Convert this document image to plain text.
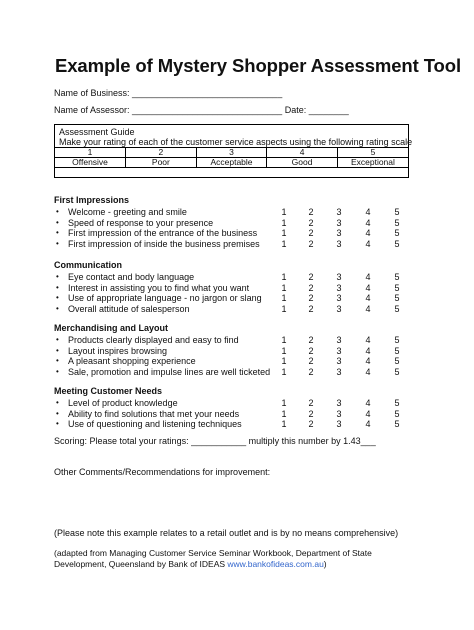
Example of Mystery Shopper Assessment Tool
Name of Business: ______________________________
Name of Assessor: ______________________________ Date: ________
Assessment Guide
Make your rating of each of the customer service aspects using the following rating scale
1	2	3	4	5
Offensive	Poor	Acceptable	Good	Exceptional
First Impressions
• Welcome - greeting and smile	1 2	3	4	5
• Speed of response to your presence	1 2	3	4	5
• First impression of the entrance of the business	1 2	3	4	5
• First impression of inside the business premises 1 2	3	4	5
Communication
• Eye contact and body language	1 2	3	4	5
• Interest in assisting you to find what you want	1 2	3	4	5
• Use of appropriate language - no jargon or slang 1 2	3	4	5
• Overall attitude of salesperson	1 2	3	4	5
Merchandising and Layout
• Products clearly displayed and easy to find	1 2	3	4	5
• Layout inspires browsing	1 2	3	4	5
• A pleasant shopping experience	1 2	3	4	5
• Sale, promotion and impulse lines are well ticketed 1 2	3	4	5
Meeting Customer Needs
• Level of product knowledge	1 2	3	4	5
• Ability to find solutions that met your needs	1 2	3	4	5
• Use of questioning and listening techniques	1 2	3	4	5
Scoring: Please total your ratings: ___________ multiply this number by 1.43___
Other Comments/Recommendations for improvement:
(Please note this example relates to a retail outlet and is by no means comprehensive)
(adapted from Managing Customer Service Seminar Workbook, Department of State
Development, Queensland by Bank of IDEAS www.bankofideas.com.au)
